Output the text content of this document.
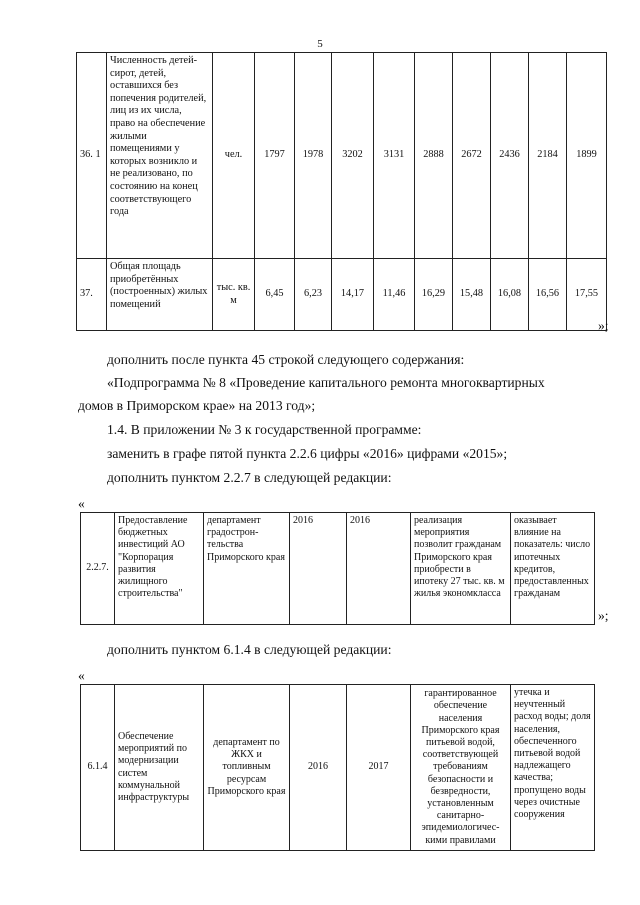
5
36. 1	Численность детей-сирот, детей, оставшихся без попечения родителей, лиц из их числа, право на обеспечение жилыми помещениями у которых возникло и не реализовано, по состоянию на конец соответствующего года	чел.	1797	1978	3202	3131	2888	2672	2436	2184	1899
37.	Общая площадь приобретённых (построенных) жилых помещений	тыс. кв. м	6,45	6,23	14,17	11,46	16,29	15,48	16,08	16,56	17,55
»;
дополнить после пункта 45 строкой следующего содержания:
«Подпрограмма № 8 «Проведение капитального ремонта многоквартирных
домов в Приморском крае» на 2013 год»;
1.4. В приложении № 3 к государственной программе:
заменить в графе пятой пункта 2.2.6 цифры «2016» цифрами «2015»;
дополнить пунктом 2.2.7 в следующей редакции:
«
2.2.7.	Предоставление бюджетных инвестиций АО "Корпорация развития жилищного строительства"	департамент градостронтельства Приморского края	2016	2016	реализация мероприятия позволит гражданам Приморского края приобрести в ипотеку 27 тыс. кв. м жилья экономкласса	оказывает влияние на показатель: число ипотечных кредитов, предоставленных гражданам
»;
дополнить пунктом 6.1.4 в следующей редакции:
«
6.1.4	Обеспечение мероприятий по модернизации систем коммунальной инфраструктуры	департамент по ЖКХ и топливным ресурсам Приморского края	2016	2017	гарантированное обеспечение населения Приморского края питьевой водой, соответствующей требованиям безопасности и безвредности, установленным санитарно-эпидемиологическими правилами	утечка и неучтенный расход воды; доля населения, обеспеченного питьевой водой надлежащего качества; пропущено воды через очистные сооружения
